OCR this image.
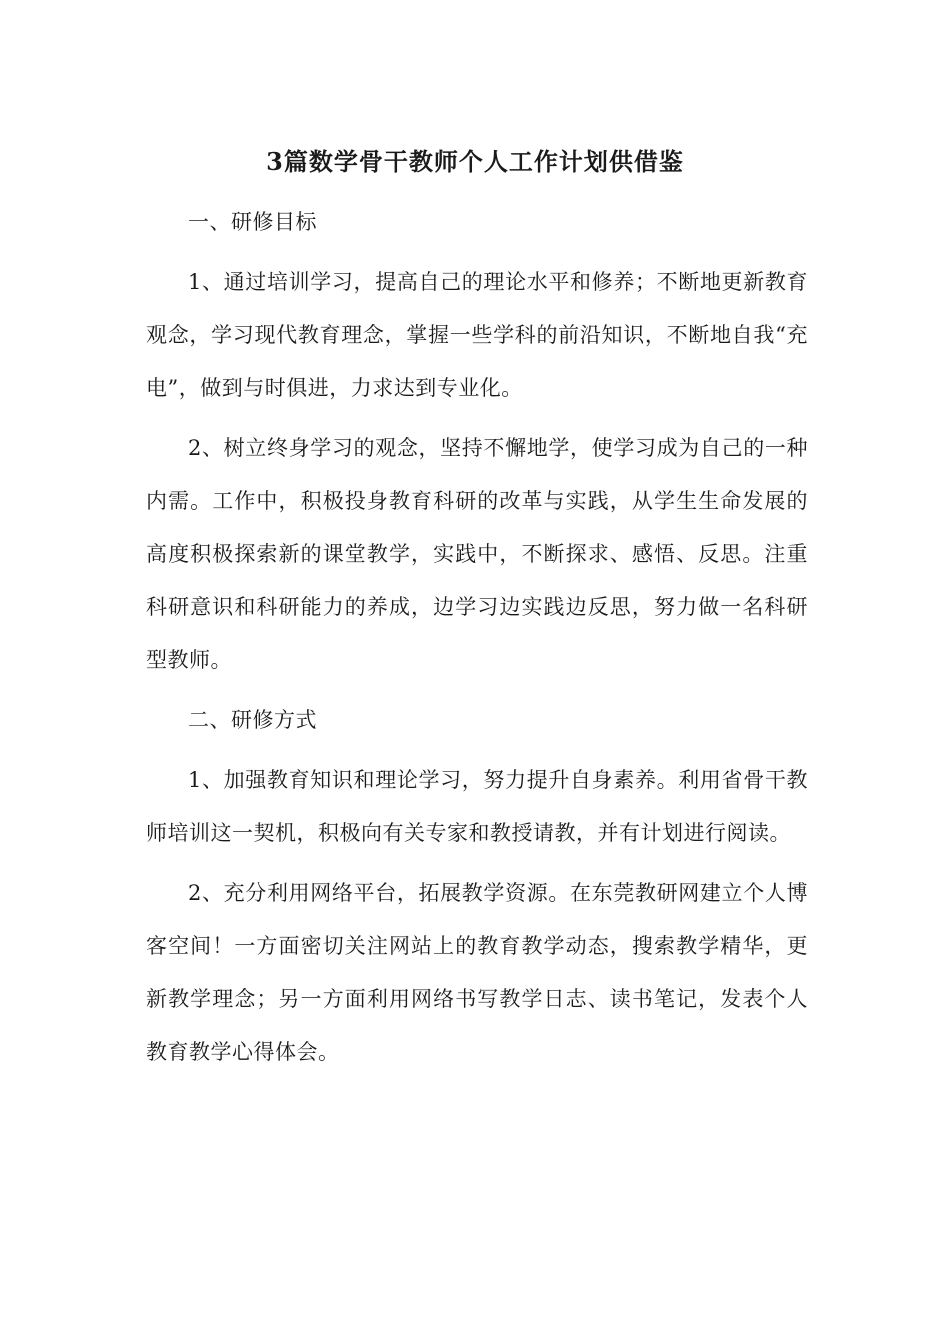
3篇数学骨干教师个人工作计划供借鉴

一、研修目标

1、通过培训学习，提高自己的理论水平和修养；不断地更新教育观念，学习现代教育理念，掌握一些学科的前沿知识，不断地自我“充电”，做到与时俱进，力求达到专业化。

2、树立终身学习的观念，坚持不懈地学，使学习成为自己的一种内需。工作中，积极投身教育科研的改革与实践，从学生生命发展的高度积极探索新的课堂教学，实践中，不断探求、感悟、反思。注重科研意识和科研能力的养成，边学习边实践边反思，努力做一名科研型教师。

二、研修方式

1、加强教育知识和理论学习，努力提升自身素养。利用省骨干教师培训这一契机，积极向有关专家和教授请教，并有计划进行阅读。

2、充分利用网络平台，拓展教学资源。在东莞教研网建立个人博客空间！一方面密切关注网站上的教育教学动态，搜索教学精华，更新教学理念；另一方面利用网络书写教学日志、读书笔记，发表个人教育教学心得体会。
